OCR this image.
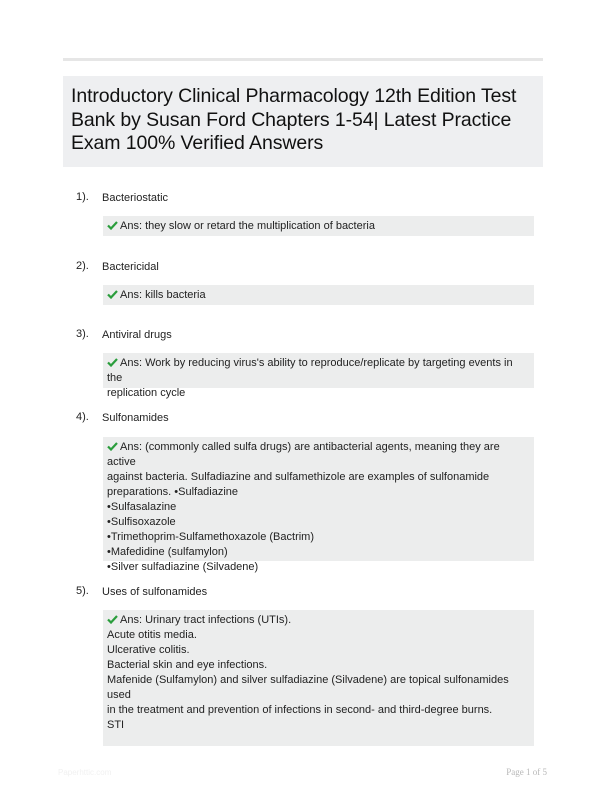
Introductory Clinical Pharmacology 12th Edition Test Bank by Susan Ford Chapters 1-54| Latest Practice Exam 100% Verified Answers
1). Bacteriostatic
Ans: they slow or retard the multiplication of bacteria
2). Bactericidal
Ans: kills bacteria
3). Antiviral drugs
Ans: Work by reducing virus's ability to reproduce/replicate by targeting events in the
replication cycle
4). Sulfonamides
Ans: (commonly called sulfa drugs) are antibacterial agents, meaning they are active
against bacteria. Sulfadiazine and sulfamethizole are examples of sulfonamide
preparations. •Sulfadiazine
•Sulfasalazine
•Sulfisoxazole
•Trimethoprim-Sulfamethoxazole (Bactrim)
•Mafedidine (sulfamylon)
•Silver sulfadiazine (Silvadene)
5). Uses of sulfonamides
Ans: Urinary tract infections (UTIs).
Acute otitis media.
Ulcerative colitis.
Bacterial skin and eye infections.
Mafenide (Sulfamylon) and silver sulfadiazine (Silvadene) are topical sulfonamides used
in the treatment and prevention of infections in second- and third-degree burns.
STI
Paperhttic.com	Page 1 of 5
